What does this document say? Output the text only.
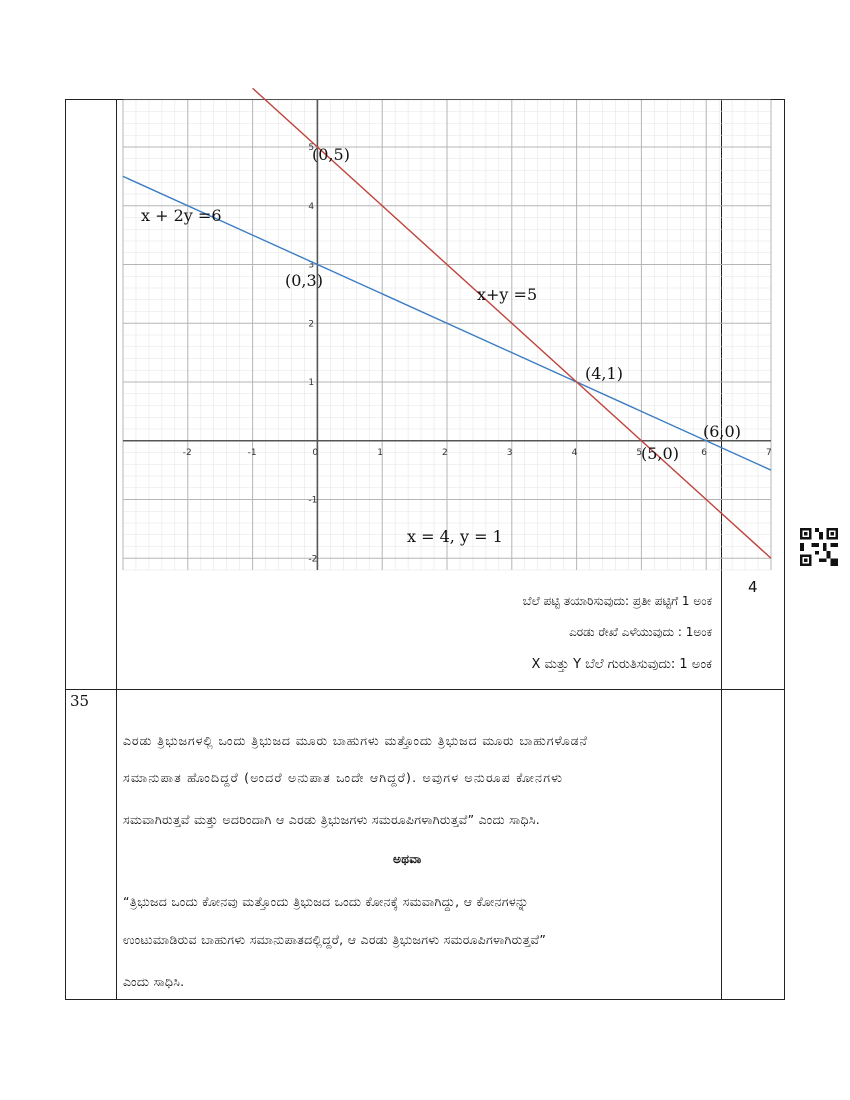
-2	-1	0	1	2	3	4	5	6	7
5
4
3
2
1
-1
-2
(0,5)
(0,3)
(4,1)
(6,0)
(5,0)
x + 2y =6
x+y =5
x = 4, y = 1
4
ಬೆಲೆ ಪಟ್ಟಿ ತಯಾರಿಸುವುದು: ಪ್ರತೀ ಪಟ್ಟಿಗೆ 1 ಅಂಕ
ಎರಡು ರೇಖೆ ಎಳೆಯುವುದು : 1ಅಂಕ
X ಮತ್ತು Y ಬೆಲೆ ಗುರುತಿಸುವುದು: 1 ಅಂಕ
35
ಎರಡು ತ್ರಿಭುಜಗಳಲ್ಲಿ ಒಂದು ತ್ರಿಭುಜದ ಮೂರು ಬಾಹುಗಳು ಮತ್ತೊಂದು ತ್ರಿಭುಜದ ಮೂರು ಬಾಹುಗಳೊಡನೆ
ಸಮಾನುಪಾತ ಹೊಂದಿದ್ದರೆ (ಅಂದರೆ ಅನುಪಾತ ಒಂದೇ ಆಗಿದ್ದರೆ). ಅವುಗಳ ಅನುರೂಪ ಕೋನಗಳು
ಸಮವಾಗಿರುತ್ತವೆ ಮತ್ತು ಅದರಿಂದಾಗಿ ಆ ಎರಡು ತ್ರಿಭುಜಗಳು ಸಮರೂಪಿಗಳಾಗಿರುತ್ತವೆ” ಎಂದು ಸಾಧಿಸಿ.
ಅಥವಾ
“ತ್ರಿಭುಜದ ಒಂದು ಕೋನವು ಮತ್ತೊಂದು ತ್ರಿಭುಜದ ಒಂದು ಕೋನಕ್ಕೆ ಸಮವಾಗಿದ್ದು, ಆ ಕೋನಗಳನ್ನು
ಉಂಟುಮಾಡಿರುವ ಬಾಹುಗಳು ಸಮಾನುಪಾತದಲ್ಲಿದ್ದರೆ, ಆ ಎರಡು ತ್ರಿಭುಜಗಳು ಸಮರೂಪಿಗಳಾಗಿರುತ್ತವೆ”
ಎಂದು ಸಾಧಿಸಿ.
